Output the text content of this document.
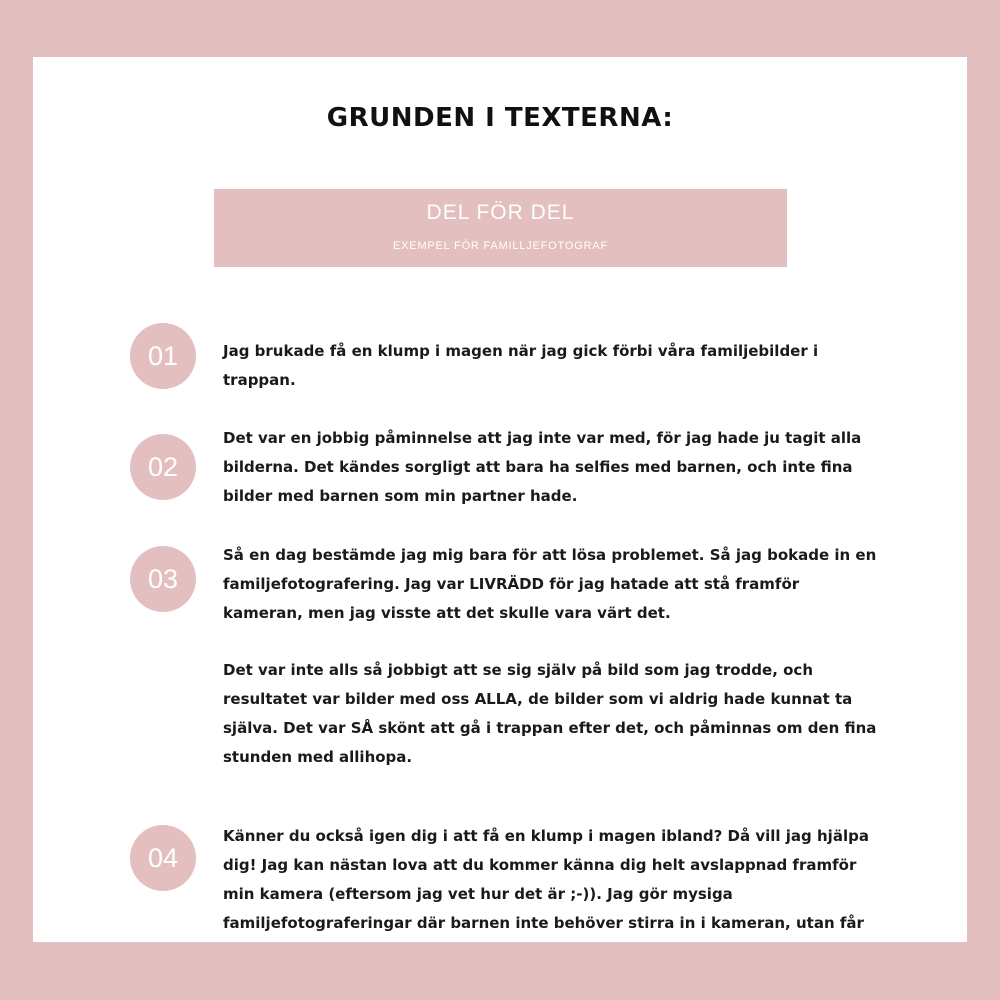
GRUNDEN I TEXTERNA:
DEL FÖR DEL
EXEMPEL FÖR FAMILLJEFOTOGRAF
01	Jag brukade få en klump i magen när jag gick förbi våra familjebilder i trappan.

02

Det var en jobbig påminnelse att jag inte var med, för jag hade ju tagit alla bilderna. Det kändes sorgligt att bara ha selfies med barnen, och inte fina bilder med barnen som min partner hade.

03

Så en dag bestämde jag mig bara för att lösa problemet. Så jag bokade in en familjefotografering. Jag var LIVRÄDD för jag hatade att stå framför kameran, men jag visste att det skulle vara värt det.

Det var inte alls så jobbigt att se sig själv på bild som jag trodde, och resultatet var bilder med oss ALLA, de bilder som vi aldrig hade kunnat ta själva. Det var SÅ skönt att gå i trappan efter det, och påminnas om den fina stunden med allihopa.

04

Känner du också igen dig i att få en klump i magen ibland? Då vill jag hjälpa dig! Jag kan nästan lova att du kommer känna dig helt avslappnad framför min kamera (eftersom jag vet hur det är ;-)). Jag gör mysiga familjefotograferingar där barnen inte behöver stirra in i kameran, utan får
